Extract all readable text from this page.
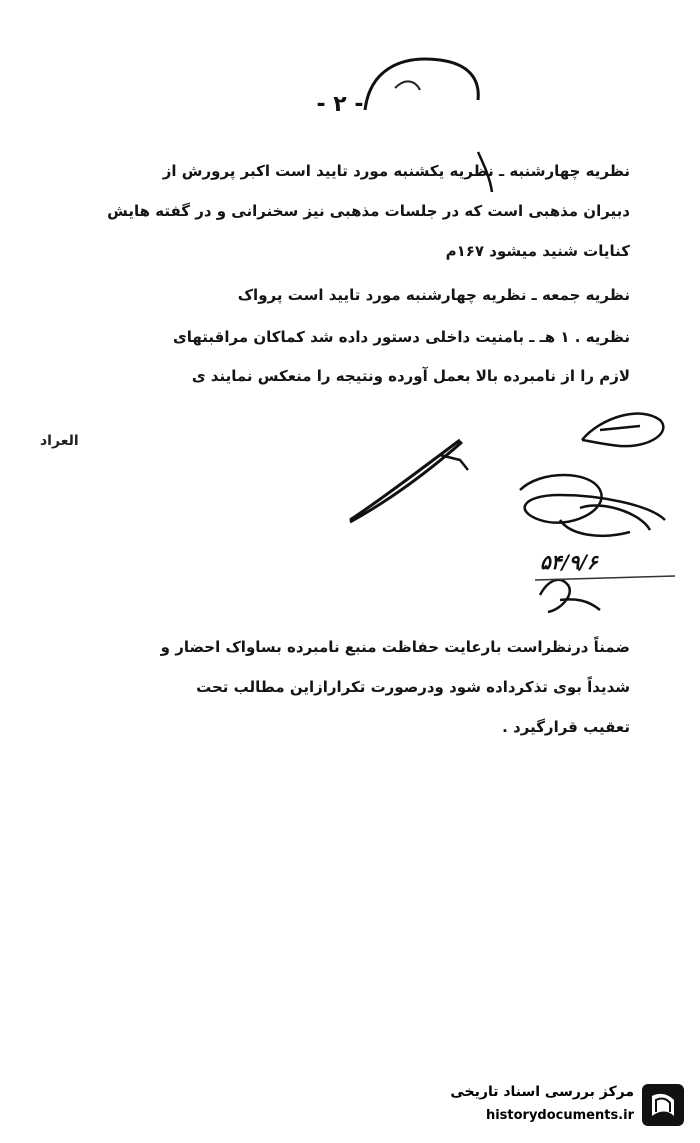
- ۲ -
نظریه چهارشنبه ـ نظریه یکشنبه مورد تایید است اکبر پرورش از
دبیران مذهبی است که در جلسات مذهبی نیز سخنرانی و در گفته هایش
کنایات شنید میشود ۱۶۷م
نظریه جمعه ـ نظریه چهارشنبه مورد تایید است پرواک
نظریه . ۱ هـ ـ بامنیت داخلی دستور داده شد کماکان مراقبتهای
لازم را از نامبرده بالا بعمل آورده ونتیجه را منعکس نمایند ی
العراد
۵۴/۹/۶
ضمناً درنظراست بارعایت حفاظت منبع نامبرده بساواک احضار و
شدیداً بوی تذکرداده شود ودرصورت تکرارازاین مطالب تحت
تعقیب قرارگیرد .
مرکز بررسی اسناد تاریخی
historydocuments.ir
